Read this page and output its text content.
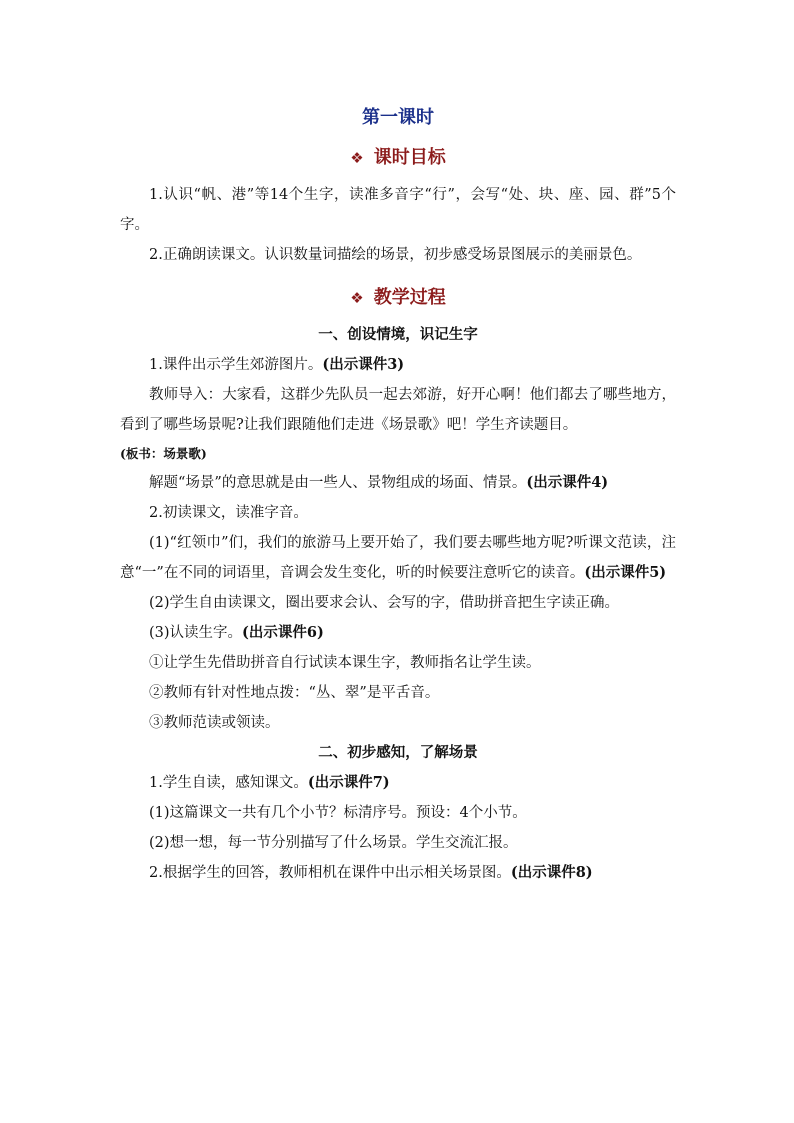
第一课时
❖ 课时目标

1.认识“帆、港”等14个生字，读准多音字“行”，会写“处、块、座、园、群”5个字。

2.正确朗读课文。认识数量词描绘的场景，初步感受场景图展示的美丽景色。

❖ 教学过程
一、创设情境，识记生字

1.课件出示学生郊游图片。(出示课件3)

教师导入：大家看，这群少先队员一起去郊游，好开心啊！他们都去了哪些地方，看到了哪些场景呢?让我们跟随他们走进《场景歌》吧！学生齐读题目。

(板书：场景歌)

解题“场景”的意思就是由一些人、景物组成的场面、情景。(出示课件4)

2.初读课文，读准字音。

(1)“红领巾”们，我们的旅游马上要开始了，我们要去哪些地方呢?听课文范读，注意“一”在不同的词语里，音调会发生变化，听的时候要注意听它的读音。(出示课件5)

(2)学生自由读课文，圈出要求会认、会写的字，借助拼音把生字读正确。

(3)认读生字。(出示课件6)

①让学生先借助拼音自行试读本课生字，教师指名让学生读。

②教师有针对性地点拨：“丛、翠”是平舌音。

③教师范读或领读。

二、初步感知，了解场景

1.学生自读，感知课文。(出示课件7)

(1)这篇课文一共有几个小节？标清序号。预设：4个小节。

(2)想一想，每一节分别描写了什么场景。学生交流汇报。

2.根据学生的回答，教师相机在课件中出示相关场景图。(出示课件8)
